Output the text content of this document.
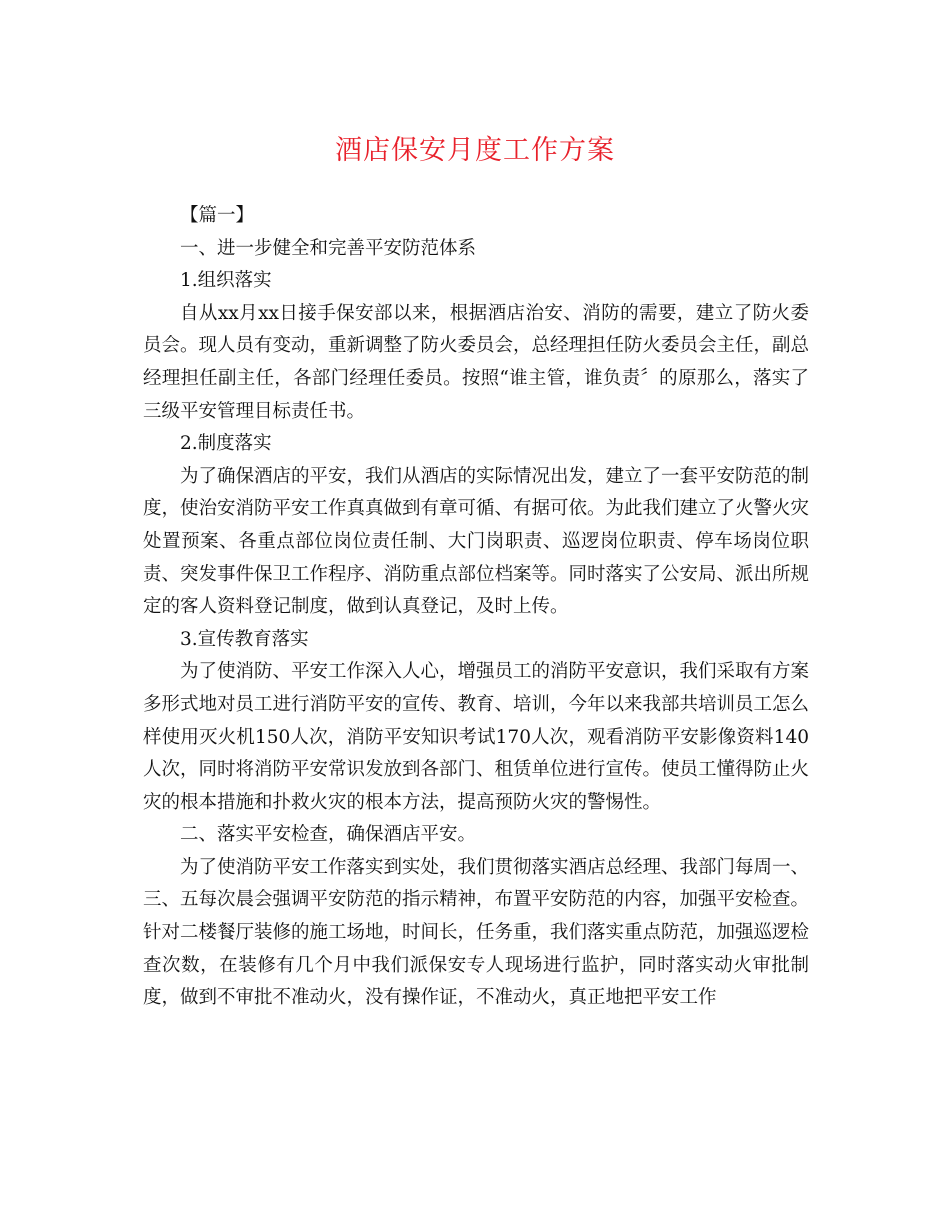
酒店保安月度工作方案

【篇一】

一、进一步健全和完善平安防范体系

1.组织落实

自从xx月xx日接手保安部以来，根据酒店治安、消防的需要，建立了防火委员会。现人员有变动，重新调整了防火委员会，总经理担任防火委员会主任，副总经理担任副主任，各部门经理任委员。按照“谁主管，谁负责〞的原那么，落实了三级平安管理目标责任书。

2.制度落实

为了确保酒店的平安，我们从酒店的实际情况出发，建立了一套平安防范的制度，使治安消防平安工作真真做到有章可循、有据可依。为此我们建立了火警火灾处置预案、各重点部位岗位责任制、大门岗职责、巡逻岗位职责、停车场岗位职责、突发事件保卫工作程序、消防重点部位档案等。同时落实了公安局、派出所规定的客人资料登记制度，做到认真登记，及时上传。

3.宣传教育落实

为了使消防、平安工作深入人心，增强员工的消防平安意识，我们采取有方案多形式地对员工进行消防平安的宣传、教育、培训，今年以来我部共培训员工怎么样使用灭火机150人次，消防平安知识考试170人次，观看消防平安影像资料140人次，同时将消防平安常识发放到各部门、租赁单位进行宣传。使员工懂得防止火灾的根本措施和扑救火灾的根本方法，提高预防火灾的警惕性。

二、落实平安检查，确保酒店平安。

为了使消防平安工作落实到实处，我们贯彻落实酒店总经理、我部门每周一、三、五每次晨会强调平安防范的指示精神，布置平安防范的内容，加强平安检查。针对二楼餐厅装修的施工场地，时间长，任务重，我们落实重点防范，加强巡逻检查次数，在装修有几个月中我们派保安专人现场进行监护，同时落实动火审批制度，做到不审批不准动火，没有操作证，不准动火，真正地把平安工作
